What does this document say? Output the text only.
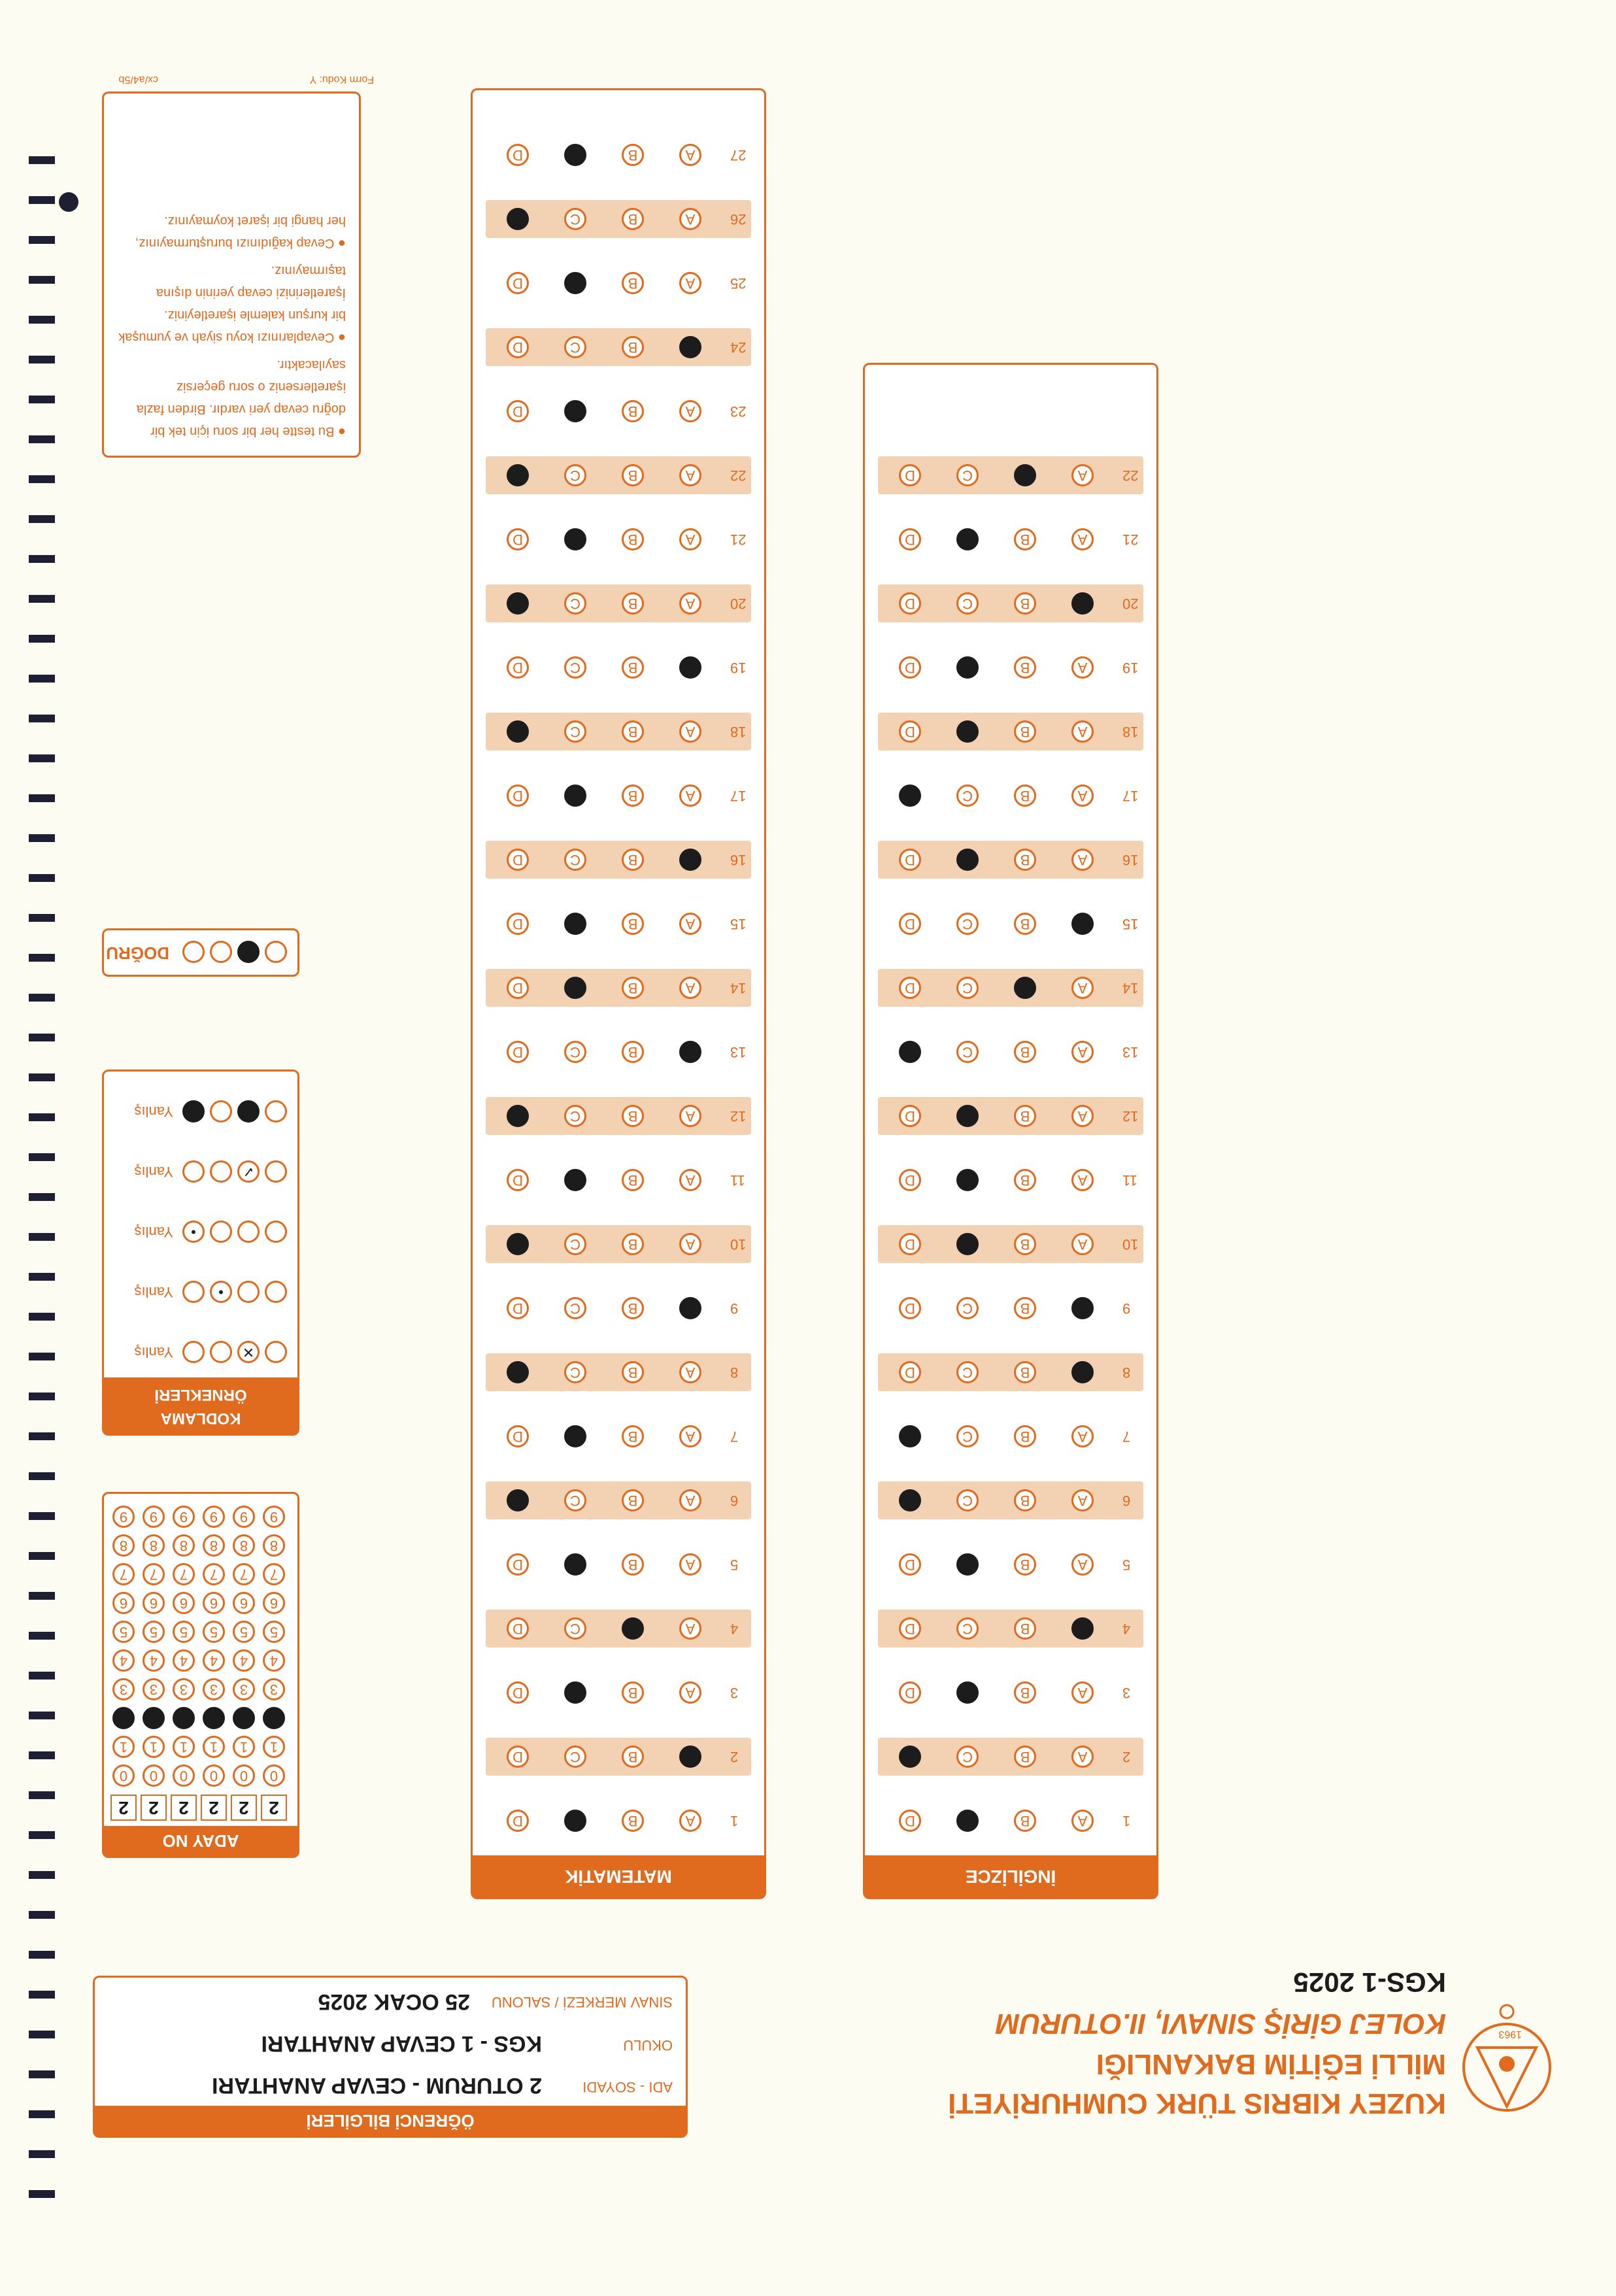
1963
KUZEY KIBRIS TÜRK CUMHURİYETİ
MİLLİ EĞİTİM BAKANLIĞI
KOLEJ GİRİŞ SINAVI, II.OTURUM
KGS-1 2025
ÖĞRENCİ BİLGİLERİ
ADI - SOYADI
2 OTURUM - CEVAP ANAHTARI
OKULU
KGS - 1 CEVAP ANAHTARI
SINAV MERKEZİ / SALONU
25 OCAK 2025
İNGİLİZCE
1
A
B
D
2
A
B
C
3
A
B
D
4
B
C
D
5
A
B
D
6
A
B
C
7
A
B
C
8
B
C
D
9
B
C
D
10
A
B
D
11
A
B
D
12
A
B
D
13
A
B
C
14
A
C
D
15
B
C
D
16
A
B
D
17
A
B
C
18
A
B
D
19
A
B
D
20
B
C
D
21
A
B
D
22
A
C
D
MATEMATİK
1
A
B
D
2
B
C
D
3
A
B
D
4
A
C
D
5
A
B
D
6
A
B
C
7
A
B
D
8
A
B
C
9
B
C
D
10
A
B
C
11
A
B
D
12
A
B
C
13
B
C
D
14
A
B
D
15
A
B
D
16
B
C
D
17
A
B
D
18
A
B
C
19
B
C
D
20
A
B
C
21
A
B
D
22
A
B
C
23
A
B
D
24
B
C
D
25
A
B
D
26
A
B
C
27
A
B
D
ADAY NO
2
0
1
3
4
5
6
7
8
9
2
0
1
3
4
5
6
7
8
9
2
0
1
3
4
5
6
7
8
9
2
0
1
3
4
5
6
7
8
9
2
0
1
3
4
5
6
7
8
9
2
0
1
3
4
5
6
7
8
9
KODLAMA
ÖRNEKLERİ
✕
Yanlış
•
Yanlış
•
Yanlış
✓
Yanlış
Yanlış
DOĞRU
● Bu testte her bir soru için tek bir doğru cevap yeri vardır. Birden fazla işaretlerseniz o soru geçersiz sayılacaktır.
● Cevaplarınızı koyu siyah ve yumuşak bir kurşun kalemle işaretleyiniz. İşaretlerinizi cevap yerinin dışına taşırmayınız.
● Cevap kağıdınızı buruşturmayınız, her hangi bir işaret koymayınız.
Form Kodu: Y
cx/a4/5b
